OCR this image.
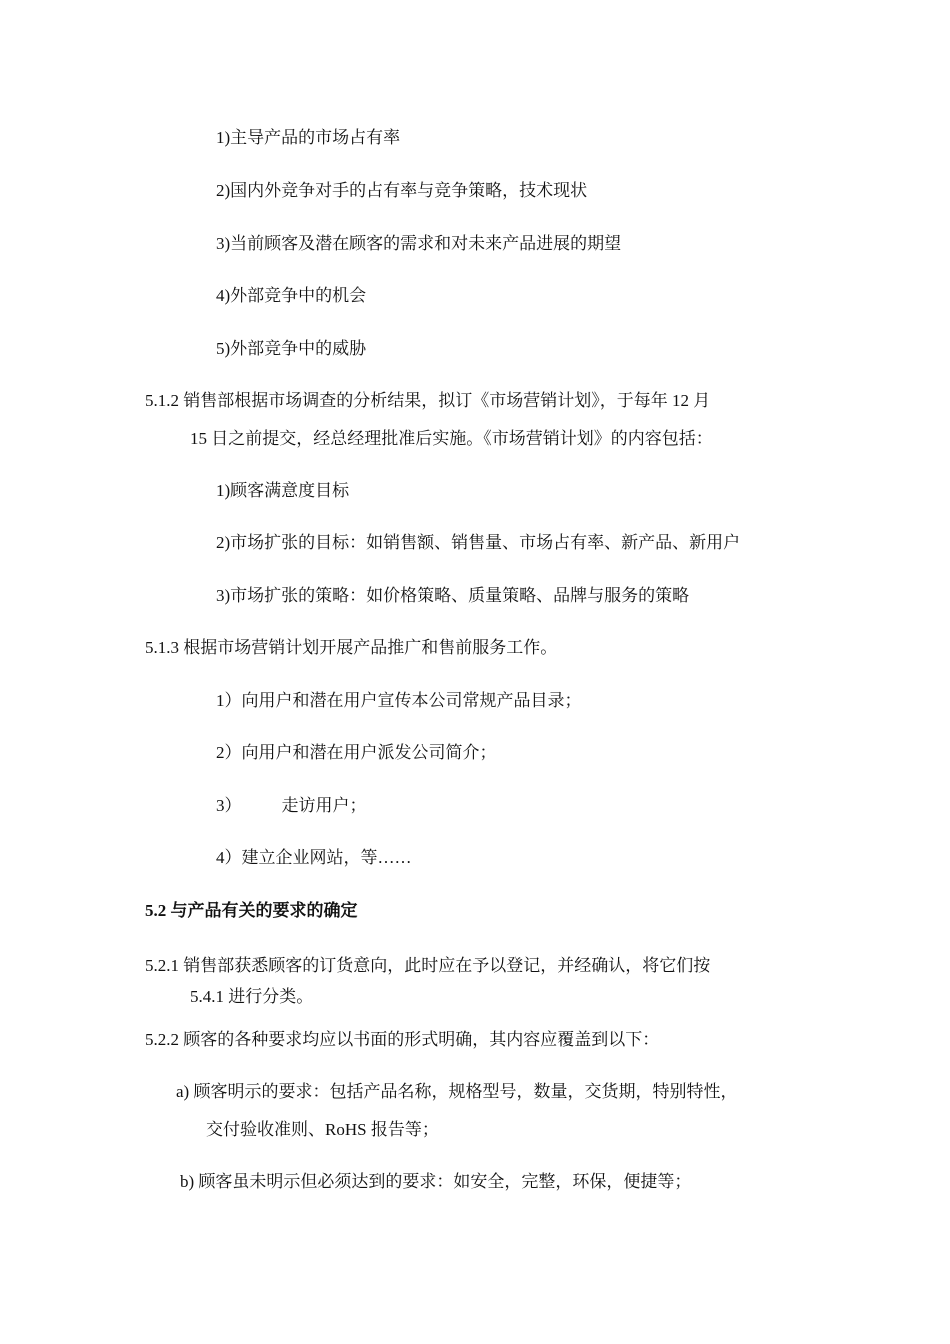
1)主导产品的市场占有率
2)国内外竞争对手的占有率与竞争策略，技术现状
3)当前顾客及潜在顾客的需求和对未来产品进展的期望
4)外部竞争中的机会
5)外部竞争中的威胁
5.1.2 销售部根据市场调查的分析结果，拟订《市场营销计划》，于每年 12 月
15 日之前提交，经总经理批准后实施。《市场营销计划》的内容包括：
1)顾客满意度目标
2)市场扩张的目标：如销售额、销售量、市场占有率、新产品、新用户
3)市场扩张的策略：如价格策略、质量策略、品牌与服务的策略
5.1.3 根据市场营销计划开展产品推广和售前服务工作。
1）向用户和潜在用户宣传本公司常规产品目录；
2）向用户和潜在用户派发公司简介；
3） 走访用户；
4）建立企业网站，等……
5.2 与产品有关的要求的确定
5.2.1 销售部获悉顾客的订货意向，此时应在予以登记，并经确认，将它们按
5.4.1 进行分类。
5.2.2 顾客的各种要求均应以书面的形式明确，其内容应覆盖到以下：
a) 顾客明示的要求：包括产品名称，规格型号，数量，交货期，特别特性，
交付验收准则、RoHS 报告等；
b) 顾客虽未明示但必须达到的要求：如安全，完整，环保，便捷等；
